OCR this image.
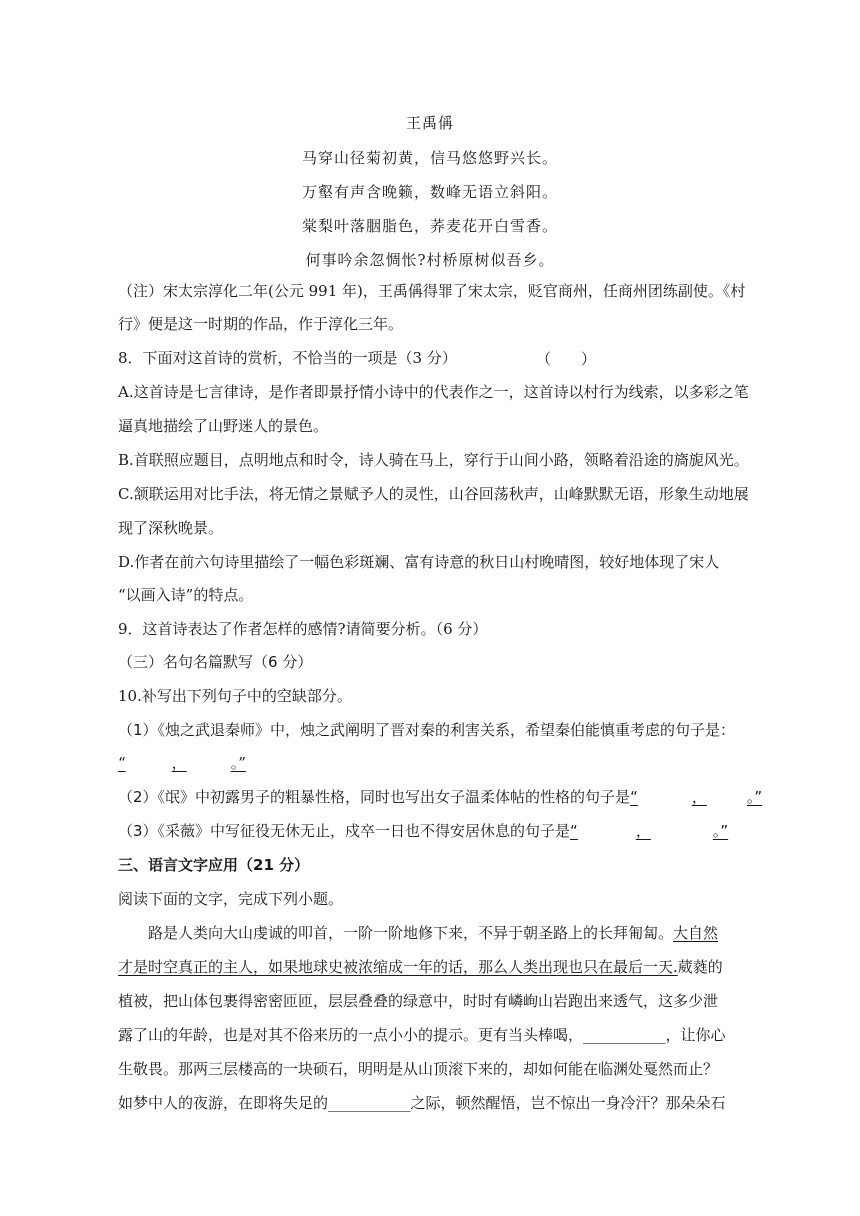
王禹偁
马穿山径菊初黄，信马悠悠野兴长。
万壑有声含晚籁，数峰无语立斜阳。
棠梨叶落胭脂色，荞麦花开白雪香。
何事吟余忽惆怅?村桥原树似吾乡。
（注）宋太宗淳化二年(公元 991 年)，王禹偁得罪了宋太宗，贬官商州，任商州团练副使。《村
行》便是这一时期的作品，作于淳化三年。
8．下面对这首诗的赏析，不恰当的一项是（3 分）	（　　）
A.这首诗是七言律诗，是作者即景抒情小诗中的代表作之一，这首诗以村行为线索，以多彩之笔
逼真地描绘了山野迷人的景色。
B.首联照应题目，点明地点和时令，诗人骑在马上，穿行于山间小路，领略着沿途的旖旎风光。
C.颔联运用对比手法，将无情之景赋予人的灵性，山谷回荡秋声，山峰默默无语，形象生动地展
现了深秋晚景。
D.作者在前六句诗里描绘了一幅色彩斑斓、富有诗意的秋日山村晚晴图，较好地体现了宋人
“以画入诗”的特点。
9．这首诗表达了作者怎样的感情?请简要分析。（6 分）
（三）名句名篇默写（6 分）
10.补写出下列句子中的空缺部分。
（1）《烛之武退秦师》中，烛之武阐明了晋对秦的利害关系，希望秦伯能慎重考虑的句子是：
“	，	。”
（2）《氓》中初露男子的粗暴性格，同时也写出女子温柔体帖的性格的句子是“	，	。”
（3）《采薇》中写征役无休无止，戍卒一日也不得安居休息的句子是“	，	。”
三、语言文字应用（21 分）
阅读下面的文字，完成下列小题。
路是人类向大山虔诚的叩首，一阶一阶地修下来，不异于朝圣路上的长拜匍匐。大自然
才是时空真正的主人，如果地球史被浓缩成一年的话，那么人类出现也只在最后一天.葳蕤的
植被，把山体包裹得密密匝匝，层层叠叠的绿意中，时时有嶙峋山岩跑出来透气，这多少泄
露了山的年龄，也是对其不俗来历的一点小小的提示。更有当头棒喝，___________，让你心
生敬畏。那两三层楼高的一块硕石，明明是从山顶滚下来的，却如何能在临渊处戛然而止？
如梦中人的夜游，在即将失足的___________之际，顿然醒悟，岂不惊出一身冷汗？那朵朵石
